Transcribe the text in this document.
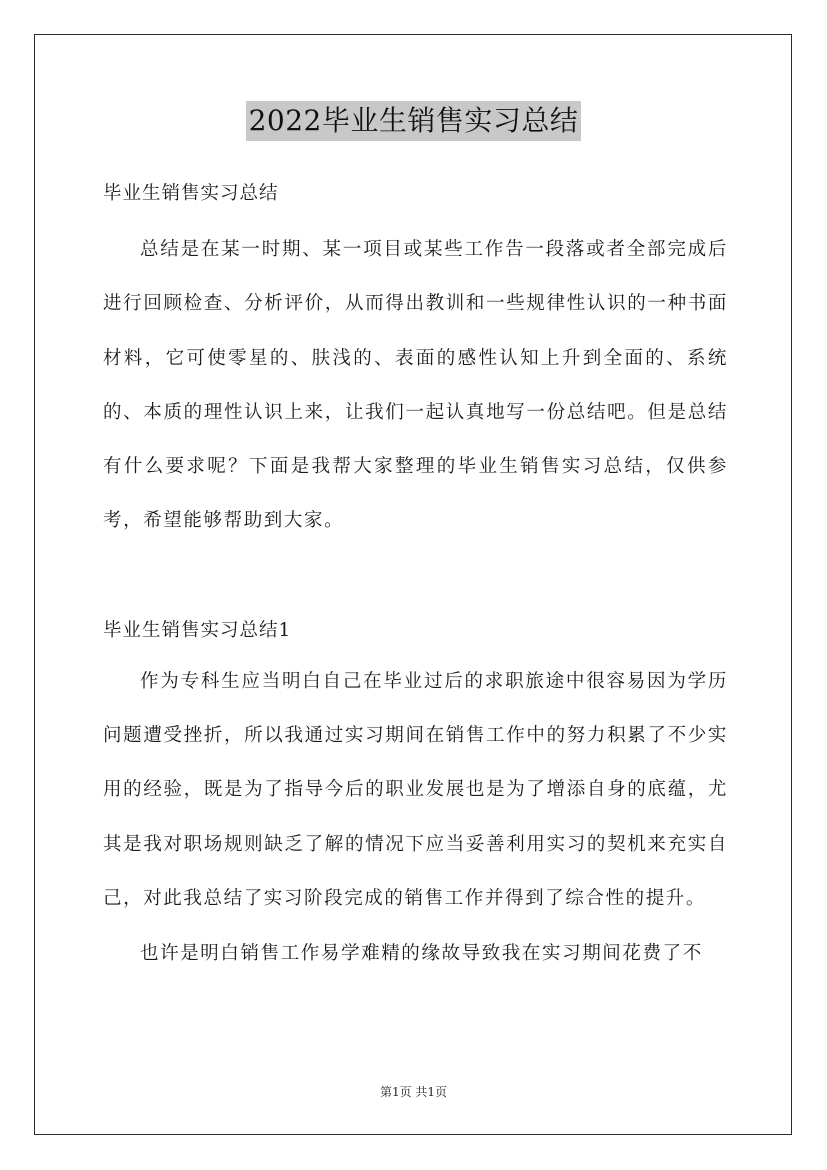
2022毕业生销售实习总结

毕业生销售实习总结

总结是在某一时期、某一项目或某些工作告一段落或者全部完成后进行回顾检查、分析评价，从而得出教训和一些规律性认识的一种书面材料，它可使零星的、肤浅的、表面的感性认知上升到全面的、系统的、本质的理性认识上来，让我们一起认真地写一份总结吧。但是总结有什么要求呢？下面是我帮大家整理的毕业生销售实习总结，仅供参考，希望能够帮助到大家。

毕业生销售实习总结1

作为专科生应当明白自己在毕业过后的求职旅途中很容易因为学历问题遭受挫折，所以我通过实习期间在销售工作中的努力积累了不少实用的经验，既是为了指导今后的职业发展也是为了增添自身的底蕴，尤其是我对职场规则缺乏了解的情况下应当妥善利用实习的契机来充实自己，对此我总结了实习阶段完成的销售工作并得到了综合性的提升。

也许是明白销售工作易学难精的缘故导致我在实习期间花费了不

第1页 共1页
